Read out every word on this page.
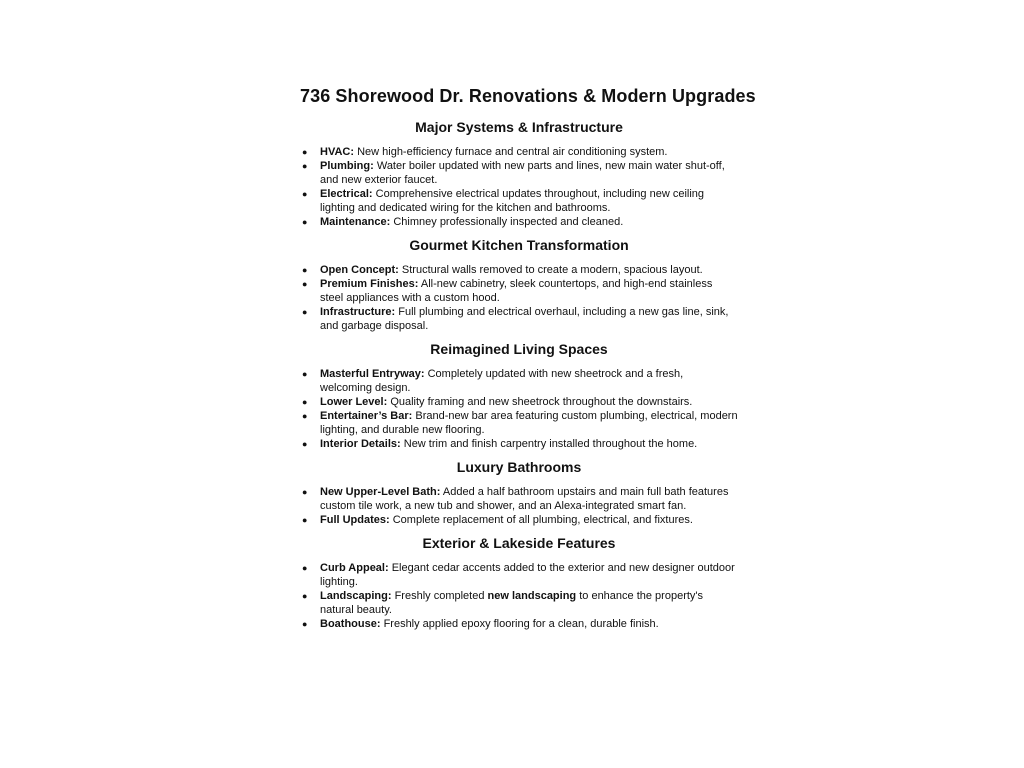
736 Shorewood Dr. Renovations & Modern Upgrades
Major Systems & Infrastructure
● HVAC: New high-efficiency furnace and central air conditioning system.
● Plumbing: Water boiler updated with new parts and lines, new main water shut-off, and new exterior faucet.
● Electrical: Comprehensive electrical updates throughout, including new ceiling lighting and dedicated wiring for the kitchen and bathrooms.
● Maintenance: Chimney professionally inspected and cleaned.
Gourmet Kitchen Transformation
● Open Concept: Structural walls removed to create a modern, spacious layout.
● Premium Finishes: All-new cabinetry, sleek countertops, and high-end stainless steel appliances with a custom hood.
● Infrastructure: Full plumbing and electrical overhaul, including a new gas line, sink, and garbage disposal.
Reimagined Living Spaces
● Masterful Entryway: Completely updated with new sheetrock and a fresh, welcoming design.
● Lower Level: Quality framing and new sheetrock throughout the downstairs.
● Entertainer’s Bar: Brand-new bar area featuring custom plumbing, electrical, modern lighting, and durable new flooring.
● Interior Details: New trim and finish carpentry installed throughout the home.
Luxury Bathrooms
● New Upper-Level Bath: Added a half bathroom upstairs and main full bath features custom tile work, a new tub and shower, and an Alexa-integrated smart fan.
● Full Updates: Complete replacement of all plumbing, electrical, and fixtures.
Exterior & Lakeside Features
● Curb Appeal: Elegant cedar accents added to the exterior and new designer outdoor lighting.
● Landscaping: Freshly completed new landscaping to enhance the property's natural beauty.
● Boathouse: Freshly applied epoxy flooring for a clean, durable finish.
